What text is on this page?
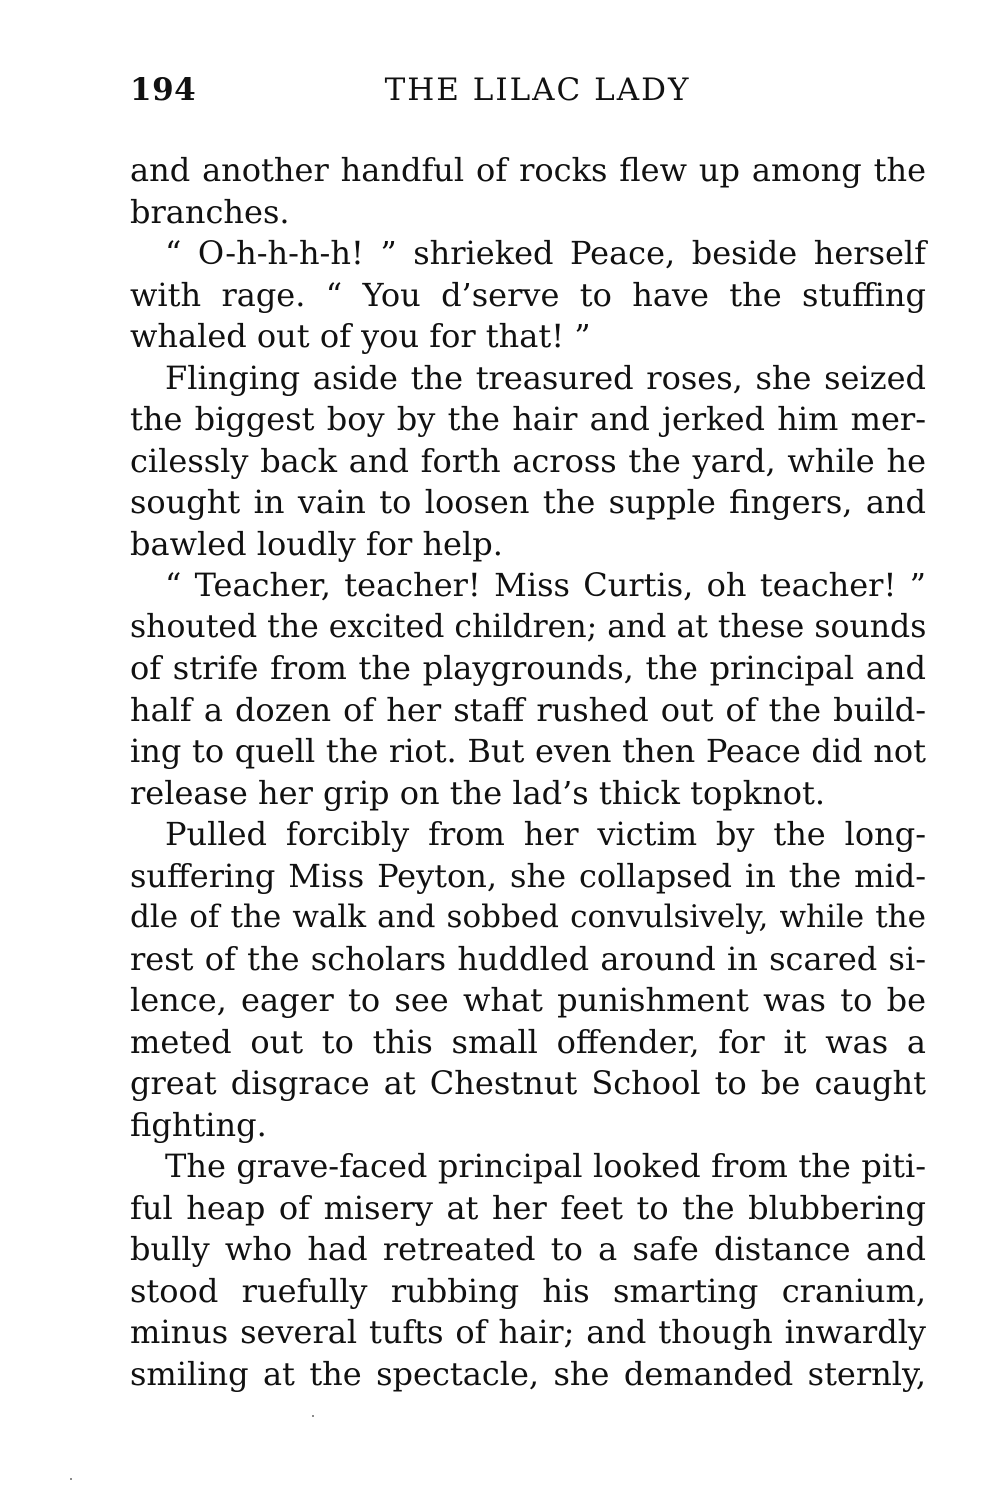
194	THE LILAC LADY
and another handful of rocks flew up among the
branches.
“ O-h-h-h-h! ” shrieked Peace, beside herself
with rage. “ You d’serve to have the stuffing
whaled out of you for that! ”
Flinging aside the treasured roses, she seized
the biggest boy by the hair and jerked him mer-
cilessly back and forth across the yard, while he
sought in vain to loosen the supple fingers, and
bawled loudly for help.
“ Teacher, teacher! Miss Curtis, oh teacher! ”
shouted the excited children; and at these sounds
of strife from the playgrounds, the principal and
half a dozen of her staff rushed out of the build-
ing to quell the riot. But even then Peace did not
release her grip on the lad’s thick topknot.
Pulled forcibly from her victim by the long-
suffering Miss Peyton, she collapsed in the mid-
dle of the walk and sobbed convulsively, while the
rest of the scholars huddled around in scared si-
lence, eager to see what punishment was to be
meted out to this small offender, for it was a
great disgrace at Chestnut School to be caught
fighting.
The grave-faced principal looked from the piti-
ful heap of misery at her feet to the blubbering
bully who had retreated to a safe distance and
stood ruefully rubbing his smarting cranium,
minus several tufts of hair; and though inwardly
smiling at the spectacle, she demanded sternly,
